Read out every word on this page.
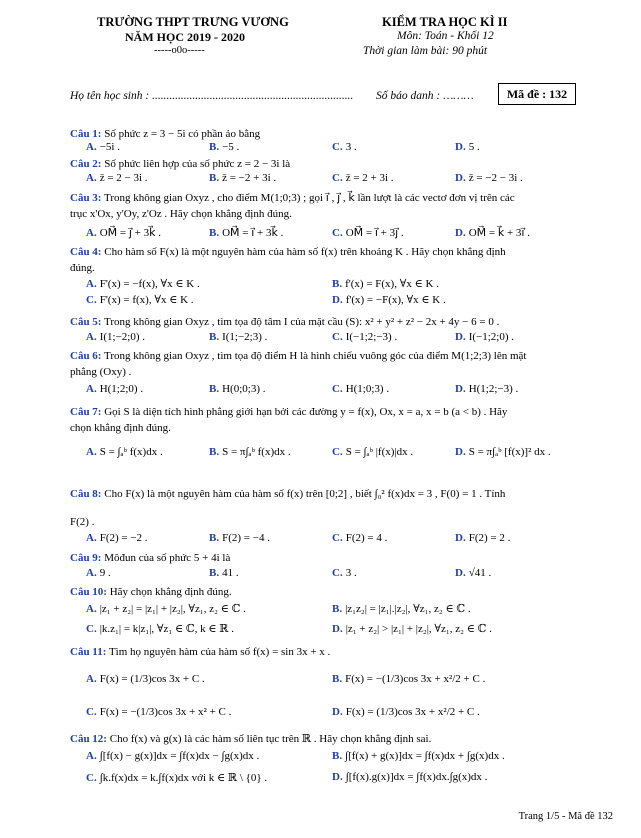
TRƯỜNG THPT TRƯNG VƯƠNG
NĂM HỌC 2019 - 2020
-----o0o-----
KIỂM TRA HỌC KÌ II
Môn: Toán - Khối 12
Thời gian làm bài: 90 phút
Họ tên học sinh : ...................................................................... Số báo danh : ………	Mã đề : 132
Câu 1: Số phức z = 3 − 5i có phần ảo bằng
A. −5i .	B. −5 .	C. 3 .	D. 5 .
Câu 2: Số phức liên hợp của số phức z = 2 − 3i là
A. z̄ = 2 − 3i .	B. z̄ = −2 + 3i .	C. z̄ = 2 + 3i .	D. z̄ = −2 − 3i .
Câu 3: Trong không gian Oxyz , cho điểm M(1;0;3) ; gọi i⃗ , j⃗ , k⃗ lần lượt là các vectơ đơn vị trên các
trục x'Ox, y'Oy, z'Oz . Hãy chọn khẳng định đúng.
A. OM⃗ = j⃗ + 3k⃗ .	B. OM⃗ = i⃗ + 3k⃗ .	C. OM⃗ = i⃗ + 3j⃗ .	D. OM⃗ = k⃗ + 3i⃗ .
Câu 4: Cho hàm số F(x) là một nguyên hàm của hàm số f(x) trên khoảng K . Hãy chọn khẳng định
đúng.
A. F'(x) = −f(x), ∀x ∈ K .	B. f'(x) = F(x), ∀x ∈ K .
C. F'(x) = f(x), ∀x ∈ K .	D. f'(x) = −F(x), ∀x ∈ K .
Câu 5: Trong không gian Oxyz , tìm tọa độ tâm I của mặt cầu (S): x² + y² + z² − 2x + 4y − 6 = 0 .
A. I(1;−2;0) .	B. I(1;−2;3) .	C. I(−1;2;−3) .	D. I(−1;2;0) .
Câu 6: Trong không gian Oxyz , tìm tọa độ điểm H là hình chiếu vuông góc của điểm M(1;2;3) lên mặt
phẳng (Oxy) .
A. H(1;2;0) .	B. H(0;0;3) .	C. H(1;0;3) .	D. H(1;2;−3) .
Câu 7: Gọi S là diện tích hình phẳng giới hạn bởi các đường y = f(x), Ox, x = a, x = b (a < b) . Hãy
chọn khẳng định đúng.
A. S = ∫ₐᵇ f(x)dx .	B. S = π∫ₐᵇ f(x)dx .	C. S = ∫ₐᵇ |f(x)|dx .	D. S = π∫ₐᵇ [f(x)]² dx .
Câu 8: Cho F(x) là một nguyên hàm của hàm số f(x) trên [0;2] , biết ∫₀² f(x)dx = 3 , F(0) = 1 . Tính
F(2) .
A. F(2) = −2 .	B. F(2) = −4 .	C. F(2) = 4 .	D. F(2) = 2 .
Câu 9: Môđun của số phức 5 + 4i là
A. 9 .	B. 41 .	C. 3 .	D. √41 .
Câu 10: Hãy chọn khẳng định đúng.
A. |z₁ + z₂| = |z₁| + |z₂|, ∀z₁, z₂ ∈ ℂ .	B. |z₁z₂| = |z₁|.|z₂|, ∀z₁, z₂ ∈ ℂ .
C. |k.z₁| = k|z₁|, ∀z₁ ∈ ℂ, k ∈ ℝ .	D. |z₁ + z₂| > |z₁| + |z₂|, ∀z₁, z₂ ∈ ℂ .
Câu 11: Tìm họ nguyên hàm của hàm số f(x) = sin 3x + x .
A. F(x) = (1/3)cos 3x + C .	B. F(x) = −(1/3)cos 3x + x²/2 + C .
C. F(x) = −(1/3)cos 3x + x² + C .	D. F(x) = (1/3)cos 3x + x²/2 + C .
Câu 12: Cho f(x) và g(x) là các hàm số liên tục trên ℝ . Hãy chọn khẳng định sai.
A. ∫[f(x) − g(x)]dx = ∫f(x)dx − ∫g(x)dx .	B. ∫[f(x) + g(x)]dx = ∫f(x)dx + ∫g(x)dx .
C. ∫k.f(x)dx = k.∫f(x)dx với k ∈ ℝ \ {0} .	D. ∫[f(x).g(x)]dx = ∫f(x)dx.∫g(x)dx .
Trang 1/5 - Mã đề 132
